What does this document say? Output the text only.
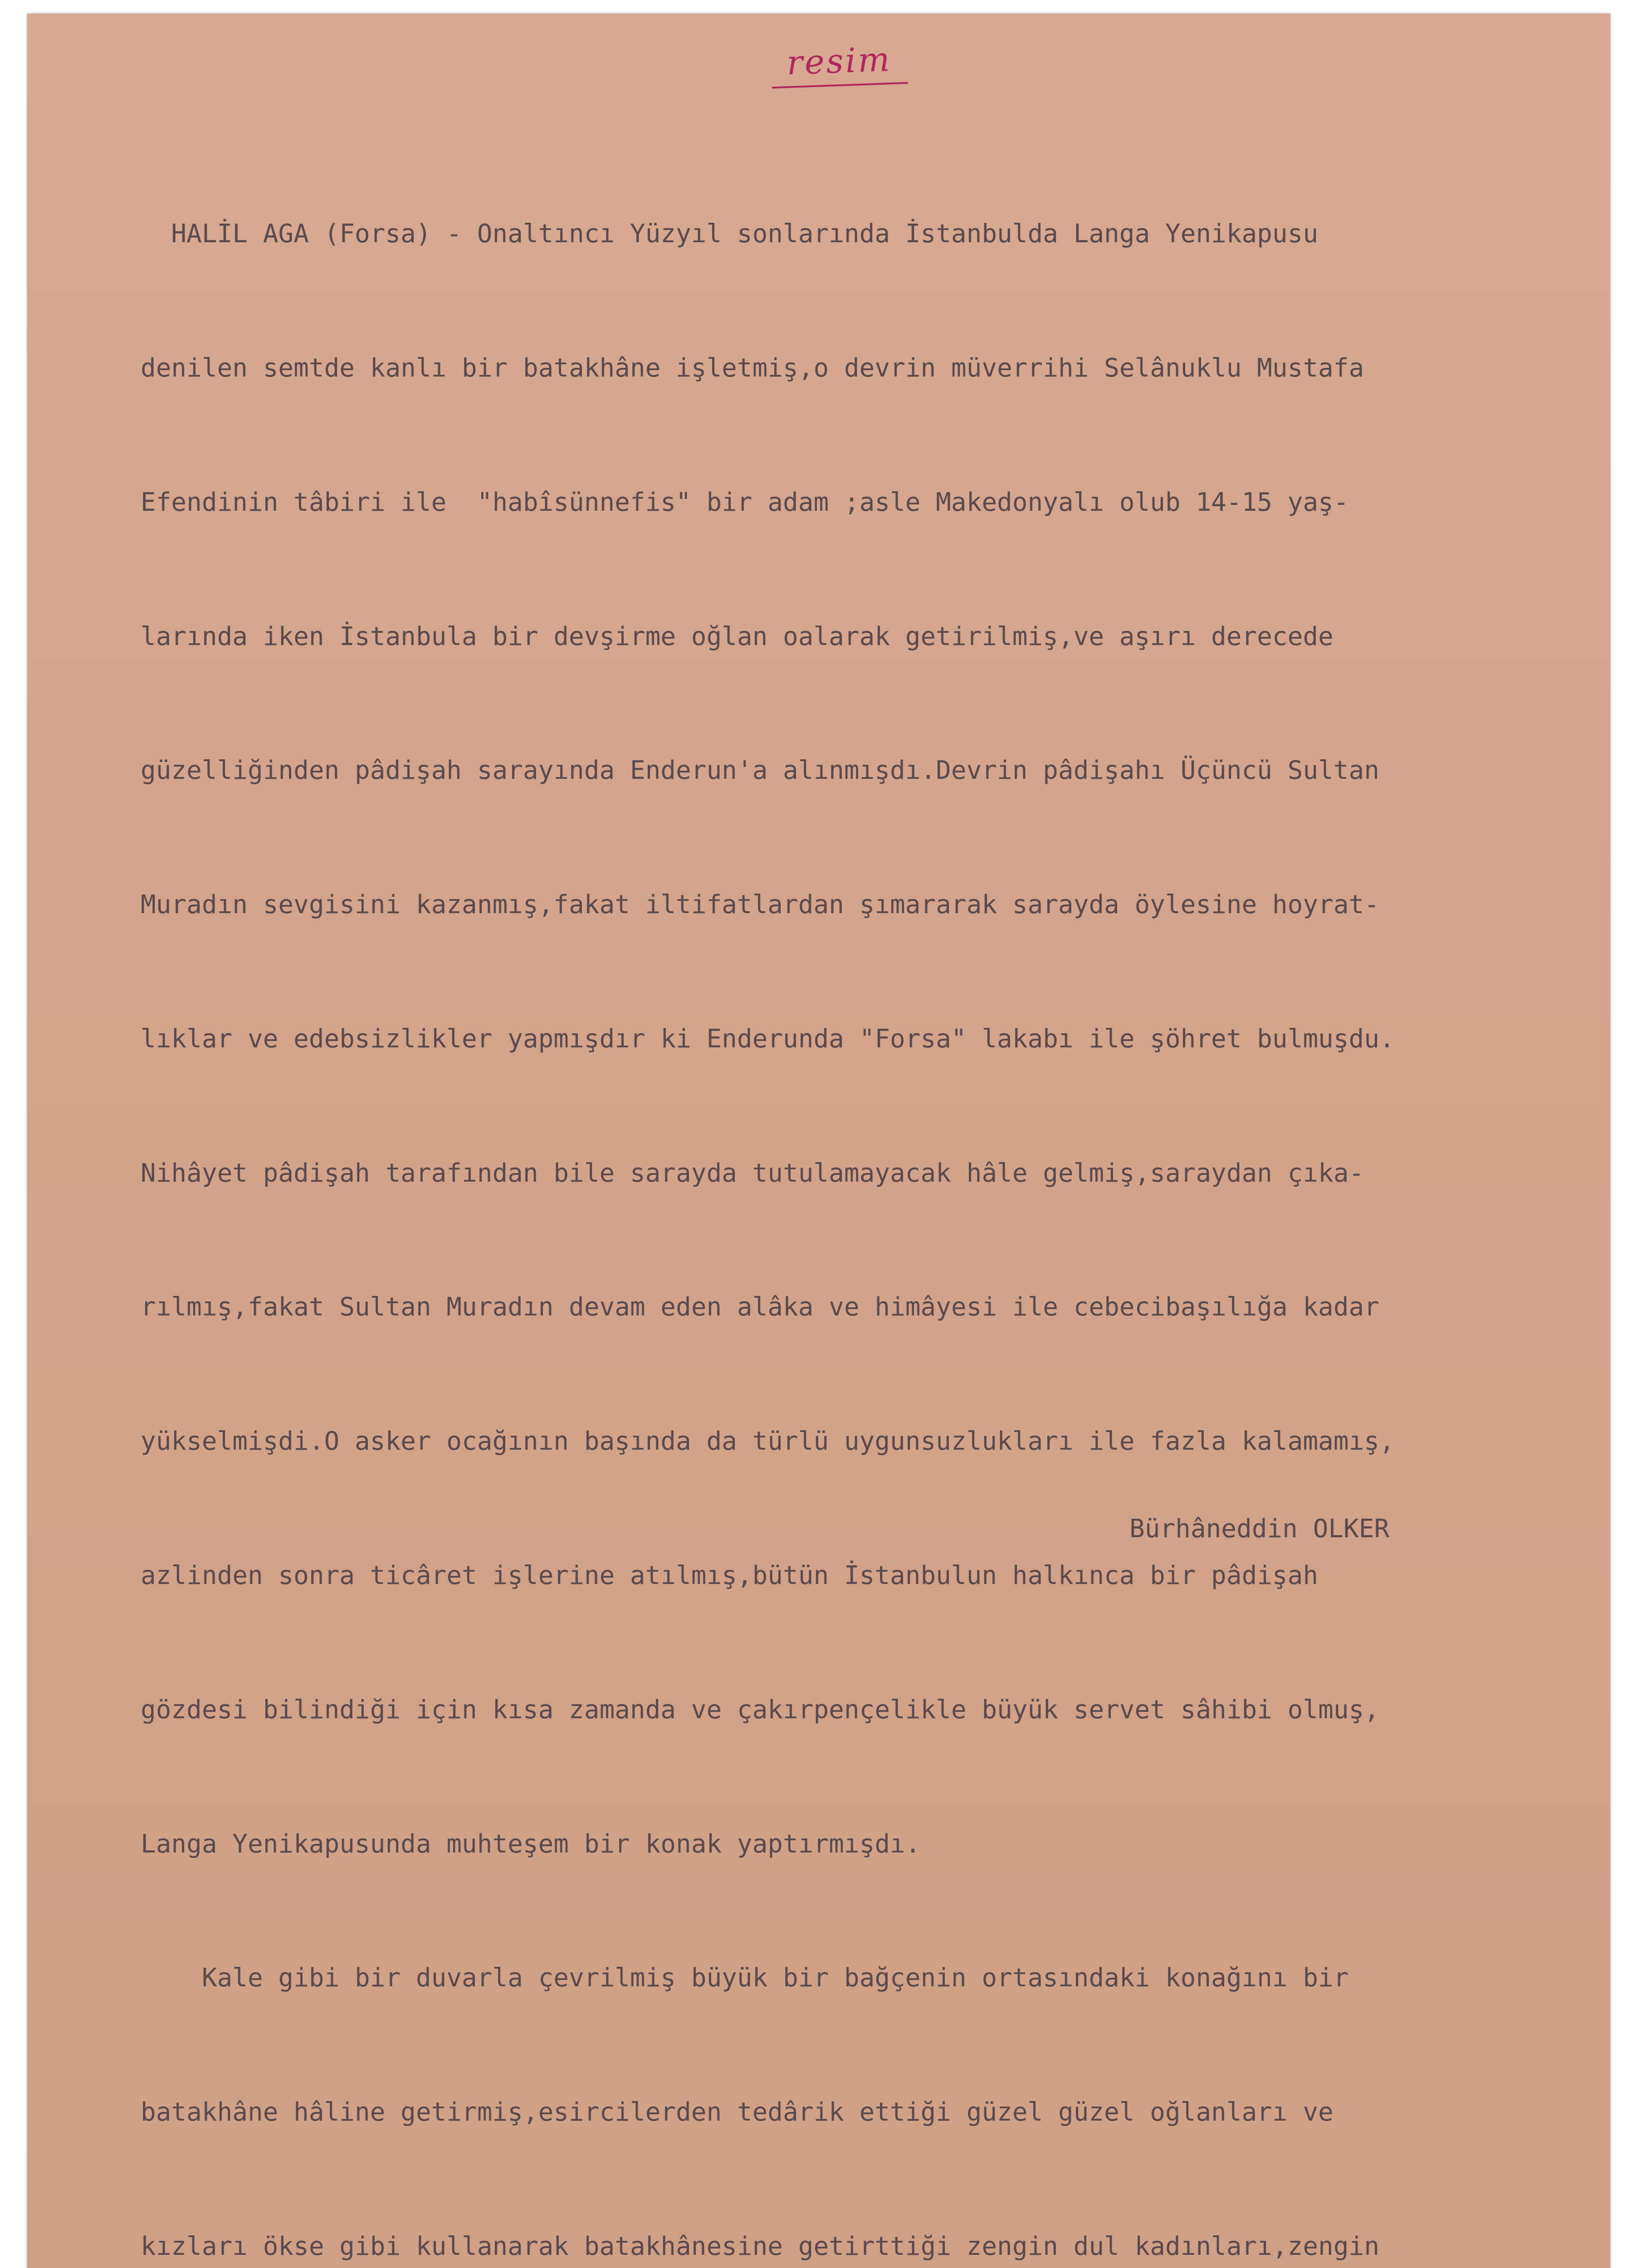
resim

HALİL AGA (Forsa) - Onaltıncı Yüzyıl sonlarında İstanbulda Langa Yenikapusu

denilen semtde kanlı bir batakhâne işletmiş,o devrin müverrihi Selânuklu Mustafa

Efendinin tâbiri ile  "habîsünnefis" bir adam ;asle Makedonyalı olub 14-15 yaş-

larında iken İstanbula bir devşirme oğlan oalarak getirilmiş,ve aşırı derecede

güzelliğinden pâdişah sarayında Enderun'a alınmışdı.Devrin pâdişahı Üçüncü Sultan

Muradın sevgisini kazanmış,fakat iltifatlardan şımararak sarayda öylesine hoyrat-

lıklar ve edebsizlikler yapmışdır ki Enderunda "Forsa" lakabı ile şöhret bulmuşdu.

Nihâyet pâdişah tarafından bile sarayda tutulamayacak hâle gelmiş,saraydan çıka-

rılmış,fakat Sultan Muradın devam eden alâka ve himâyesi ile cebecibaşılığa kadar

yükselmişdi.O asker ocağının başında da türlü uygunsuzlukları ile fazla kalamamış,

azlinden sonra ticâret işlerine atılmış,bütün İstanbulun halkınca bir pâdişah

gözdesi bilindiği için kısa zamanda ve çakırpençelikle büyük servet sâhibi olmuş,

Langa Yenikapusunda muhteşem bir konak yaptırmışdı.

Kale gibi bir duvarla çevrilmiş büyük bir bağçenin ortasındaki konağını bir

batakhâne hâline getirmiş,esircilerden tedârik ettiği güzel güzel oğlanları ve

kızları ökse gibi kullanarak batakhânesine getirttiği zengin dul kadınları,zengin

Bürhâneddin OLKER
